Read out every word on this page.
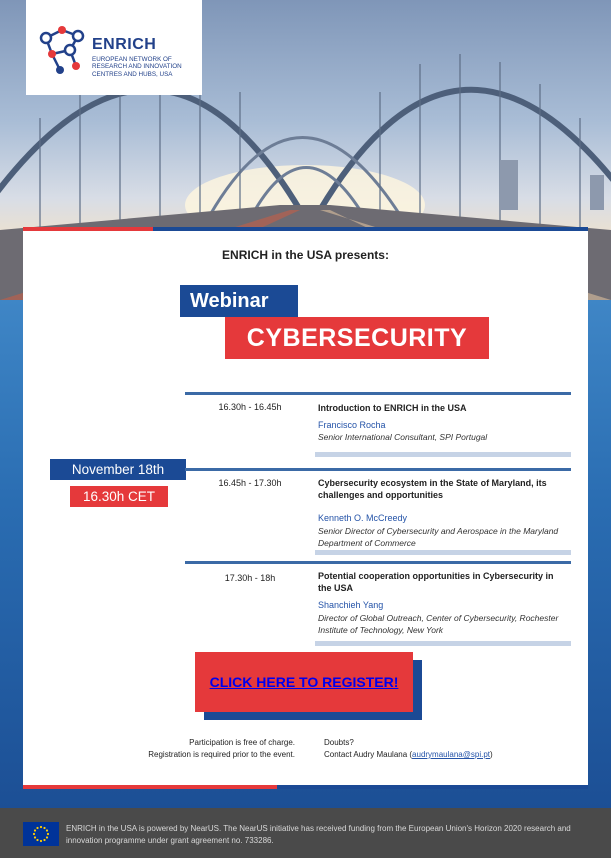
ENRICH
EUROPEAN NETWORK OF RESEARCH AND INNOVATION CENTRES AND HUBS, USA
ENRICH in the USA presents:
Webinar
CYBERSECURITY
November 18th
16.30h CET
16.30h - 16.45h	Introduction to ENRICH in the USA
Francisco Rocha
Senior International Consultant, SPI Portugal
16.45h - 17.30h	Cybersecurity ecosystem in the State of Maryland, its challenges and opportunities
Kenneth O. McCreedy
Senior Director of Cybersecurity and Aerospace in the Maryland Department of Commerce
17.30h - 18h	Potential cooperation opportunities in Cybersecurity in the USA
Shanchieh Yang
Director of Global Outreach, Center of Cybersecurity, Rochester Institute of Technology, New York
CLICK HERE TO REGISTER!
Participation is free of charge.
Registration is required prior to the event.
Doubts?
Contact Audry Maulana (audrymaulana@spi.pt)
ENRICH in the USA is powered by NearUS. The NearUS initiative has received funding from the European Union's Horizon 2020 research and innovation programme under grant agreement no. 733286.
